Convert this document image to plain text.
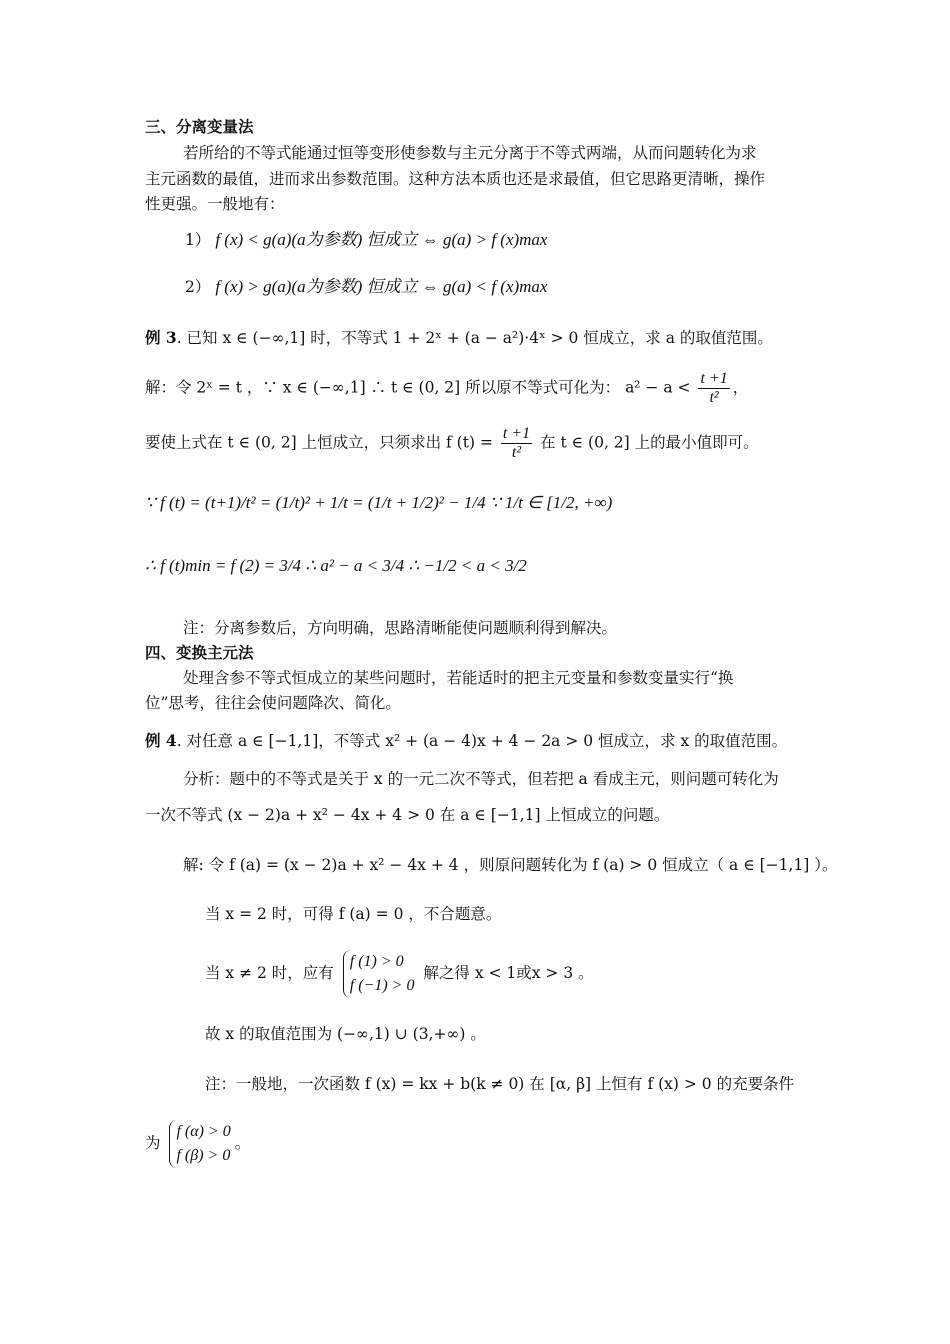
三、分离变量法
若所给的不等式能通过恒等变形使参数与主元分离于不等式两端，从而问题转化为求
主元函数的最值，进而求出参数范围。这种方法本质也还是求最值，但它思路更清晰，操作
性更强。一般地有：
1） f (x) < g(a)(a为参数) 恒成立 ⇔ g(a) > f (x)max
2） f (x) > g(a)(a为参数) 恒成立 ⇔ g(a) < f (x)max
例 3. 已知 x ∈ (−∞,1] 时，不等式 1 + 2ˣ + (a − a²)·4ˣ > 0 恒成立，求 a 的取值范围。
解：令 2ˣ = t ，∵ x ∈ (−∞,1] ∴ t ∈ (0, 2] 所以原不等式可化为： $a^2 - a < \frac{t +1}{\text{t²}}$ ，
要使上式在 t ∈ (0, 2] 上恒成立，只须求出 f $(t) = \frac{t +1}{\text{t²}}$ 在 t ∈ (0, 2] 上的最小值即可。
∵ f (t) = (t+1)/t² = (1/t)² + 1/t = (1/t + 1/2)² − 1/4 ∵ 1/t ∈ [1/2, +∞)
∴ f (t)min = f (2) = 3/4 ∴ a² − a < 3/4 ∴ −1/2 < a < 3/2
注：分离参数后，方向明确，思路清晰能使问题顺利得到解决。
四、变换主元法
处理含参不等式恒成立的某些问题时，若能适时的把主元变量和参数变量实行“换
位”思考，往往会使问题降次、简化。
例 4. 对任意 a ∈ [−1,1]，不等式 x² + (a − 4)x + 4 − 2a > 0 恒成立，求 x 的取值范围。
分析：题中的不等式是关于 x 的一元二次不等式，但若把 a 看成主元，则问题可转化为
一次不等式 (x − 2)a + x² − 4x + 4 > 0 在 a ∈ [−1,1] 上恒成立的问题。
解: 令 f (a) = (x − 2)a + x² − 4x + 4 ，则原问题转化为 f (a) > 0 恒成立（ a ∈ [−1,1] ）。
当 x = 2 时，可得 f (a) = 0 ，不合题意。
当 x ≠ 2 时，应有
f (1) > 0
f (−1) > 0
解之得 x < 1或x > 3 。
故 x 的取值范围为 (−∞,1) ∪ (3,+∞) 。
注：一般地，一次函数 f (x) = kx + b(k ≠ 0) 在 [α, β] 上恒有 f (x) > 0 的充要条件
为
f (α) > 0
f (β) > 0
。
